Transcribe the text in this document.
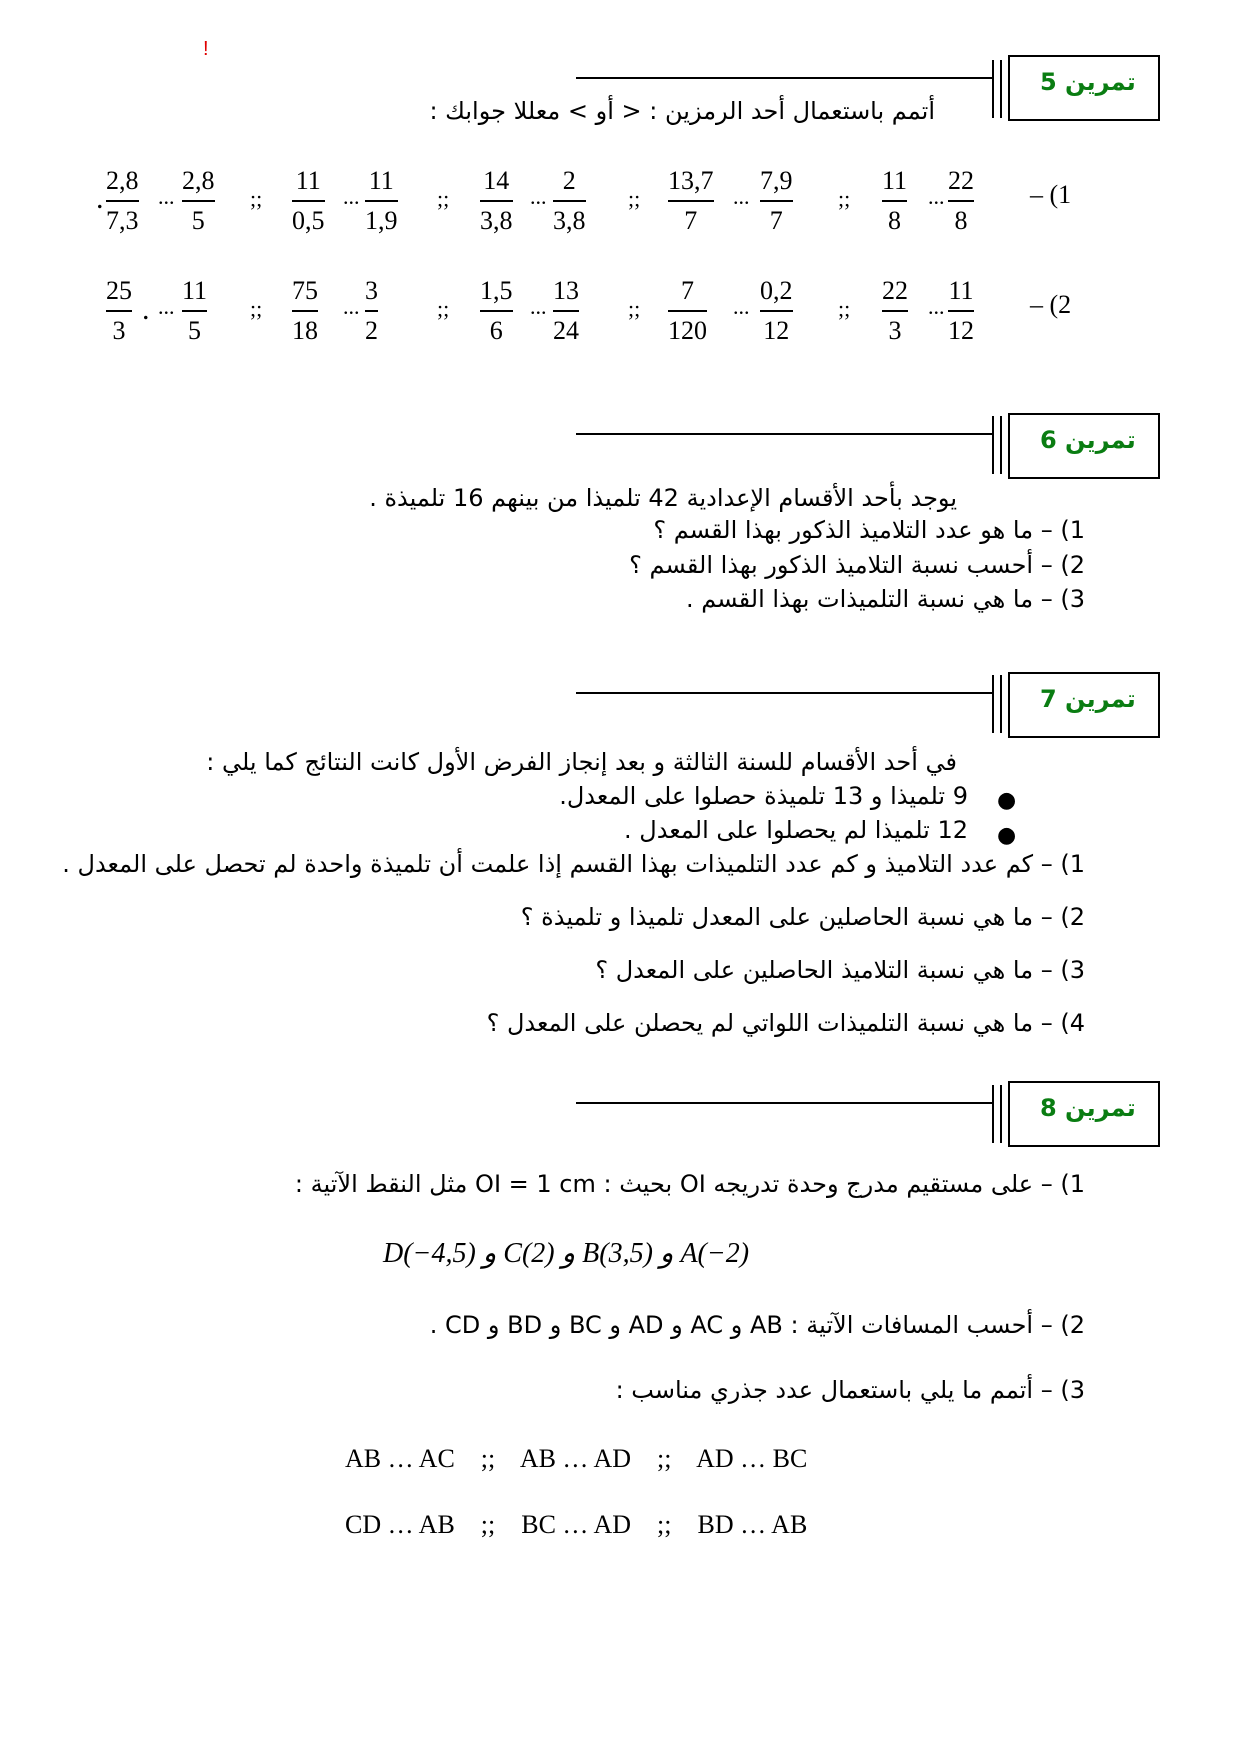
!
تمرين 5
أتمم باستعمال أحد الرمزين : < أو > معللا جوابك :
– (1
11
8
...
22
8
;;
13,7
7
...
7,9
7
;;
14
3,8
...
2
3,8
;;
11
0,5
...
11
1,9
;;
2,8
7,3
...
2,8
5
– (2
22
3
...
11
12
;;
7
120
...
0,2
12
;;
1,5
6
...
13
24
;;
75
18
...
3
2
;;
25
3
...
11
5
.
.
تمرين 6
يوجد بأحد الأقسام الإعدادية 42 تلميذا من بينهم 16 تلميذة .
1) – ما هو عدد التلاميذ الذكور بهذا القسم ؟
2) – أحسب نسبة التلاميذ الذكور بهذا القسم ؟
3) – ما هي نسبة التلميذات بهذا القسم .
تمرين 7
في أحد الأقسام للسنة الثالثة و بعد إنجاز الفرض الأول كانت النتائج كما يلي :
●
9 تلميذا و 13 تلميذة حصلوا على المعدل.
●
12 تلميذا لم يحصلوا على المعدل .
1) – كم عدد التلاميذ و كم عدد التلميذات بهذا القسم إذا علمت أن تلميذة واحدة لم تحصل على المعدل .
2) – ما هي نسبة الحاصلين على المعدل تلميذا و تلميذة ؟
3) – ما هي نسبة التلاميذ الحاصلين على المعدل ؟
4) – ما هي نسبة التلميذات اللواتي لم يحصلن على المعدل ؟
تمرين 8
1) – على مستقيم مدرج وحدة تدريجه OI بحيث : OI = 1 cm مثل النقط الآتية :
D(−4,5) و C(2) و B(3,5) و A(−2)
2) – أحسب المسافات الآتية : AB و AC و AD و BC و BD و CD .
3) – أتمم ما يلي باستعمال عدد جذري مناسب :
AB … AC    ;;    AB … AD    ;;    AD … BC
CD … AB    ;;    BC … AD    ;;    BD … AB
